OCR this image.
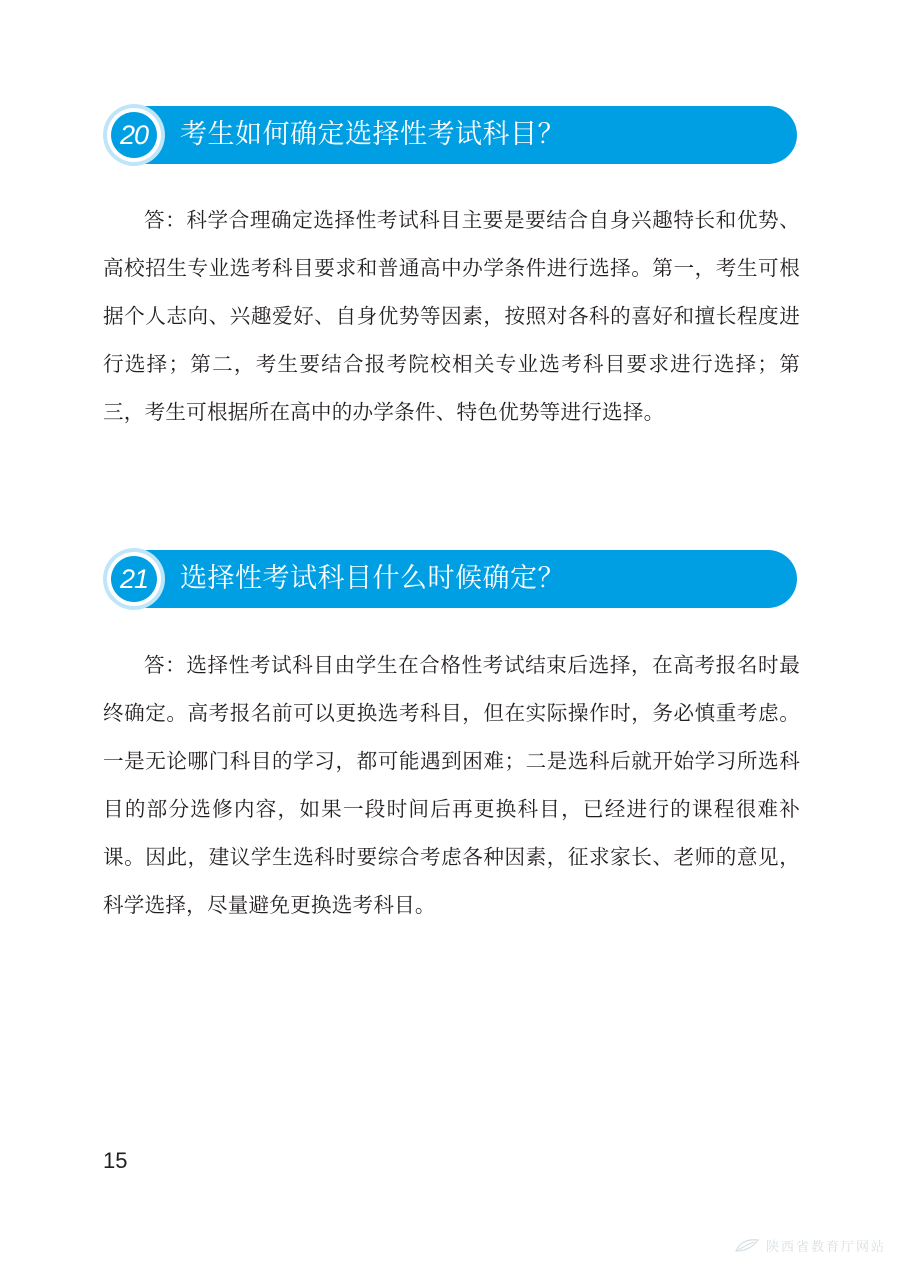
20	考生如何确定选择性考试科目？

答：科学合理确定选择性考试科目主要是要结合自身兴趣特长和优势、高校招生专业选考科目要求和普通高中办学条件进行选择。第一，考生可根据个人志向、兴趣爱好、自身优势等因素，按照对各科的喜好和擅长程度进行选择；第二，考生要结合报考院校相关专业选考科目要求进行选择；第三，考生可根据所在高中的办学条件、特色优势等进行选择。

21	选择性考试科目什么时候确定？

答：选择性考试科目由学生在合格性考试结束后选择，在高考报名时最终确定。高考报名前可以更换选考科目，但在实际操作时，务必慎重考虑。一是无论哪门科目的学习，都可能遇到困难；二是选科后就开始学习所选科目的部分选修内容，如果一段时间后再更换科目，已经进行的课程很难补课。因此，建议学生选科时要综合考虑各种因素，征求家长、老师的意见，科学选择，尽量避免更换选考科目。

15
陕西省教育厅网站
